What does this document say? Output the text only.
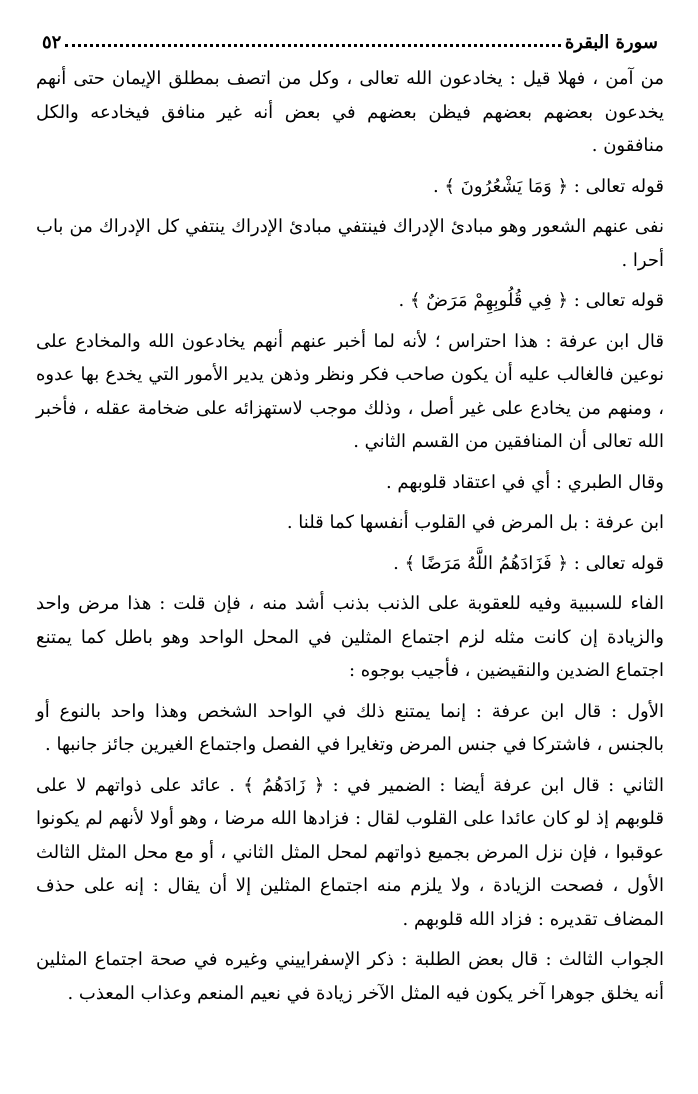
سورة البقرة
٥٢

من آمن ، فهلا قيل : يخادعون الله تعالى ، وكل من اتصف بمطلق الإيمان حتى أنهم يخدعون بعضهم بعضهم فيظن بعضهم في بعض أنه غير منافق فيخادعه والكل منافقون .

قوله تعالى : ﴿ وَمَا يَشْعُرُونَ ﴾ .

نفى عنهم الشعور وهو مبادئ الإدراك فينتفي مبادئ الإدراك ينتفي كل الإدراك من باب أحرا .

قوله تعالى : ﴿ فِي قُلُوبِهِمْ مَرَضٌ ﴾ .

قال ابن عرفة : هذا احتراس ؛ لأنه لما أخبر عنهم أنهم يخادعون الله والمخادع على نوعين فالغالب عليه أن يكون صاحب فكر ونظر وذهن يدير الأمور التي يخدع بها عدوه ، ومنهم من يخادع على غير أصل ، وذلك موجب لاستهزائه على ضخامة عقله ، فأخبر الله تعالى أن المنافقين من القسم الثاني .

وقال الطبري : أي في اعتقاد قلوبهم .

ابن عرفة : بل المرض في القلوب أنفسها كما قلنا .

قوله تعالى : ﴿ فَزَادَهُمُ اللَّهُ مَرَضًا ﴾ .

الفاء للسببية وفيه للعقوبة على الذنب بذنب أشد منه ، فإن قلت : هذا مرض واحد والزيادة إن كانت مثله لزم اجتماع المثلين في المحل الواحد وهو باطل كما يمتنع اجتماع الضدين والنقيضين ، فأجيب بوجوه :

الأول : قال ابن عرفة : إنما يمتنع ذلك في الواحد الشخص وهذا واحد بالنوع أو بالجنس ، فاشتركا في جنس المرض وتغايرا في الفصل واجتماع الغيرين جائز جانبها .

الثاني : قال ابن عرفة أيضا : الضمير في : ﴿ زَادَهُمُ ﴾ . عائد على ذواتهم لا على قلوبهم إذ لو كان عائدا على القلوب لقال : فزادها الله مرضا ، وهو أولا لأنهم لم يكونوا عوقبوا ، فإن نزل المرض بجميع ذواتهم لمحل المثل الثاني ، أو مع محل المثل الثالث الأول ، فصحت الزيادة ، ولا يلزم منه اجتماع المثلين إلا أن يقال : إنه على حذف المضاف تقديره : فزاد الله قلوبهم .

الجواب الثالث : قال بعض الطلبة : ذكر الإسفراييني وغيره في صحة اجتماع المثلين أنه يخلق جوهرا آخر يكون فيه المثل الآخر زيادة في نعيم المنعم وعذاب المعذب .
